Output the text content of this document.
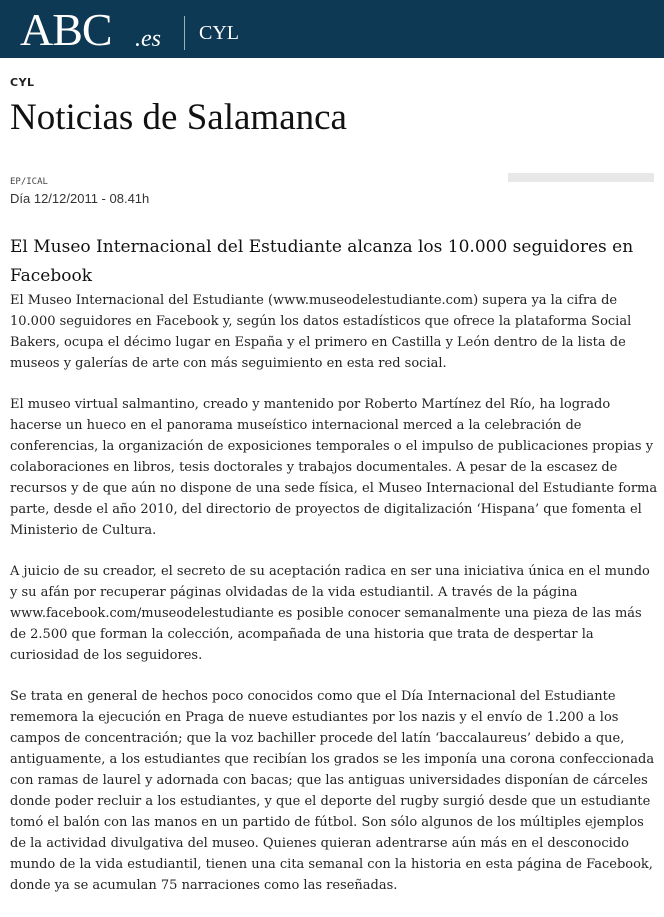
ABC .es CYL
CYL
Noticias de Salamanca
EP/ICAL
Día 12/12/2011 - 08.41h
El Museo Internacional del Estudiante alcanza los 10.000 seguidores en Facebook

El Museo Internacional del Estudiante (www.museodelestudiante.com) supera ya la cifra de 10.000 seguidores en Facebook y, según los datos estadísticos que ofrece la plataforma Social Bakers, ocupa el décimo lugar en España y el primero en Castilla y León dentro de la lista de museos y galerías de arte con más seguimiento en esta red social.

El museo virtual salmantino, creado y mantenido por Roberto Martínez del Río, ha logrado hacerse un hueco en el panorama museístico internacional merced a la celebración de conferencias, la organización de exposiciones temporales o el impulso de publicaciones propias y colaboraciones en libros, tesis doctorales y trabajos documentales. A pesar de la escasez de recursos y de que aún no dispone de una sede física, el Museo Internacional del Estudiante forma parte, desde el año 2010, del directorio de proyectos de digitalización ‘Hispana’ que fomenta el Ministerio de Cultura.

A juicio de su creador, el secreto de su aceptación radica en ser una iniciativa única en el mundo y su afán por recuperar páginas olvidadas de la vida estudiantil. A través de la página www.facebook.com/museodelestudiante es posible conocer semanalmente una pieza de las más de 2.500 que forman la colección, acompañada de una historia que trata de despertar la curiosidad de los seguidores.

Se trata en general de hechos poco conocidos como que el Día Internacional del Estudiante rememora la ejecución en Praga de nueve estudiantes por los nazis y el envío de 1.200 a los campos de concentración; que la voz bachiller procede del latín ‘baccalaureus’ debido a que, antiguamente, a los estudiantes que recibían los grados se les imponía una corona confeccionada con ramas de laurel y adornada con bacas; que las antiguas universidades disponían de cárceles donde poder recluir a los estudiantes, y que el deporte del rugby surgió desde que un estudiante tomó el balón con las manos en un partido de fútbol. Son sólo algunos de los múltiples ejemplos de la actividad divulgativa del museo. Quienes quieran adentrarse aún más en el desconocido mundo de la vida estudiantil, tienen una cita semanal con la historia en esta página de Facebook, donde ya se acumulan 75 narraciones como las reseñadas.
